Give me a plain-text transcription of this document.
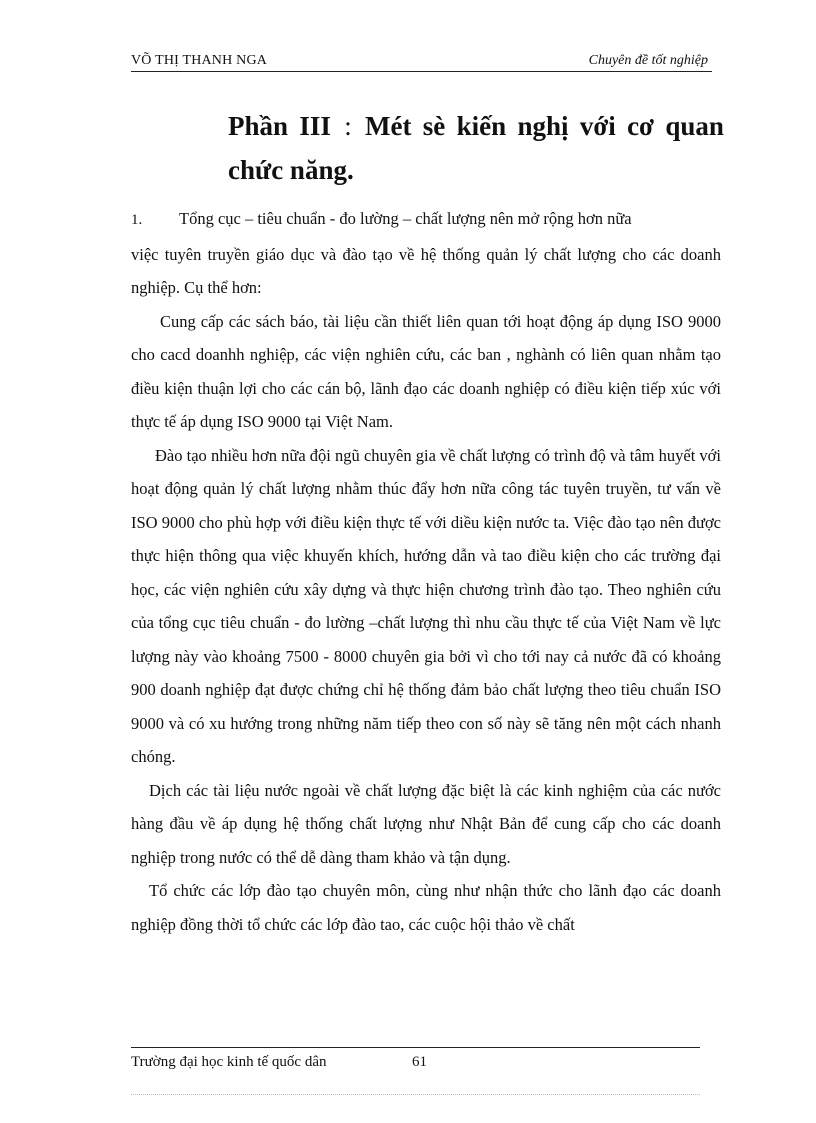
VÕ THỊ THANH NGA	Chuyên đề tốt nghiệp
Phần III : Mét sè kiến nghị với cơ quan
chức năng.

1. Tổng cục – tiêu chuẩn - đo lường – chất lượng nên mở rộng hơn nữa

việc tuyên truyền giáo dục và đào tạo về hệ thống quản lý chất lượng cho các doanh nghiệp. Cụ thể hơn:

Cung cấp các sách báo, tài liệu cần thiết liên quan tới hoạt động áp dụng ISO 9000 cho cacd doanhh nghiệp, các viện nghiên cứu, các ban , nghành có liên quan nhằm tạo điều kiện thuận lợi cho các cán bộ, lãnh đạo các doanh nghiệp có điều kiện tiếp xúc với thực tế áp dụng ISO 9000 tại Việt Nam.

Đào tạo nhiều hơn nữa đội ngũ chuyên gia về chất lượng có trình độ và tâm huyết với hoạt động quản lý chất lượng nhằm thúc đẩy hơn nữa công tác tuyên truyền, tư vấn về ISO 9000 cho phù hợp với điều kiện thực tế với diều kiện nước ta. Việc đào tạo nên được thực hiện thông qua việc khuyến khích, hướng dẫn và tao điều kiện cho các trường đại học, các viện nghiên cứu xây dựng và thực hiện chương trình đào tạo. Theo nghiên cứu của tổng cục tiêu chuẩn - đo lường –chất lượng thì nhu cầu thực tế của Việt Nam về lực lượng này vào khoảng 7500 - 8000 chuyên gia bởi vì cho tới nay cả nước đã có khoảng 900 doanh nghiệp đạt được chứng chỉ hệ thống đảm bảo chất lượng theo tiêu chuẩn ISO 9000 và có xu hướng trong những năm tiếp theo con số này sẽ tăng nên một cách nhanh chóng.

Dịch các tài liệu nước ngoài về chất lượng đặc biệt là các kinh nghiệm của các nước hàng đầu về áp dụng hệ thống chất lượng như Nhật Bản để cung cấp cho các doanh nghiệp trong nước có thể dễ dàng tham khảo và tận dụng.

Tổ chức các lớp đào tạo chuyên môn, cùng như nhận thức cho lãnh đạo các doanh nghiệp đồng thời tổ chức các lớp đào tao, các cuộc hội thảo về chất

Trường đại học kinh tế quốc dân	61
